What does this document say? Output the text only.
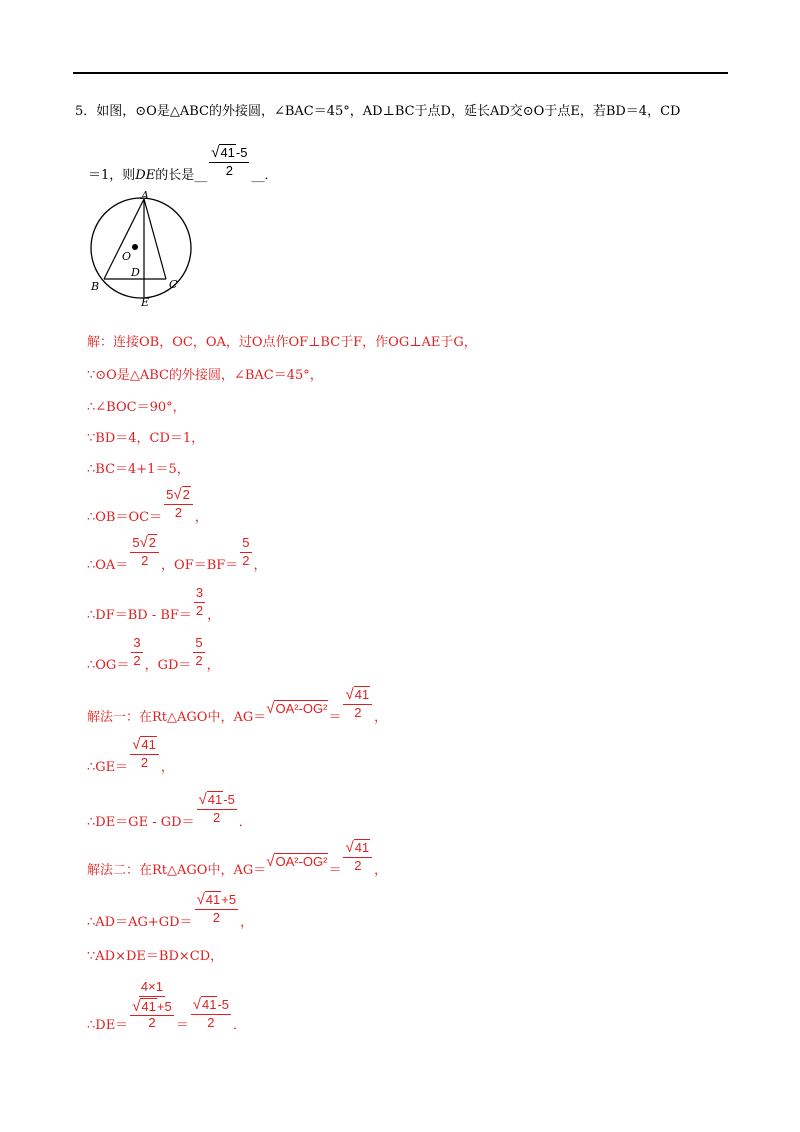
5． 如图，⊙O是△ABC的外接圆，∠BAC＝45°，AD⊥BC于点D，延长AD交⊙O于点E，若BD＝4，CD
＝1，则 DE 的长是 __ $\frac{√41-5}{2}$ __．
A
O
D
B	C
E
解：连接OB，OC，OA，过O点作OF⊥BC于F，作OG⊥AE于G，
∵⊙O是△ABC的外接圆，∠BAC＝45°，
∴∠BOC＝90°，
∵BD＝4，CD＝1，
∴BC＝4+1＝5，
∴OB＝OC＝ $\frac{5√2}{2}$ ，
∴OA＝ $\frac{5√2}{2}$ ，$OF=BF= \frac{5}{2}$ ，
∴DF＝BD - $BF= \frac{3}{2}$ ，
∴OG＝ $\frac{3}{2}$ ，$GD= \frac{5}{2}$ ，
解法一：在Rt△AGO中，AG＝
√OA²-OG²
＝ $\frac{√41}{2}$ ，
∴GE＝ $\frac{√41}{2}$ ，
∴DE＝GE - $GD= \frac{√41-5}{2}$ ．
解法二：在Rt△AGO中，AG＝
√OA²-OG²
＝ $\frac{√41}{2}$ ，
∴AD＝AG+GD＝ $\frac{√41+5}{2}$ ，
∵AD×DE＝BD×CD，
∴DE＝ 4×1
√41+5
$2 = \frac{√41-5}{2}$ ．
